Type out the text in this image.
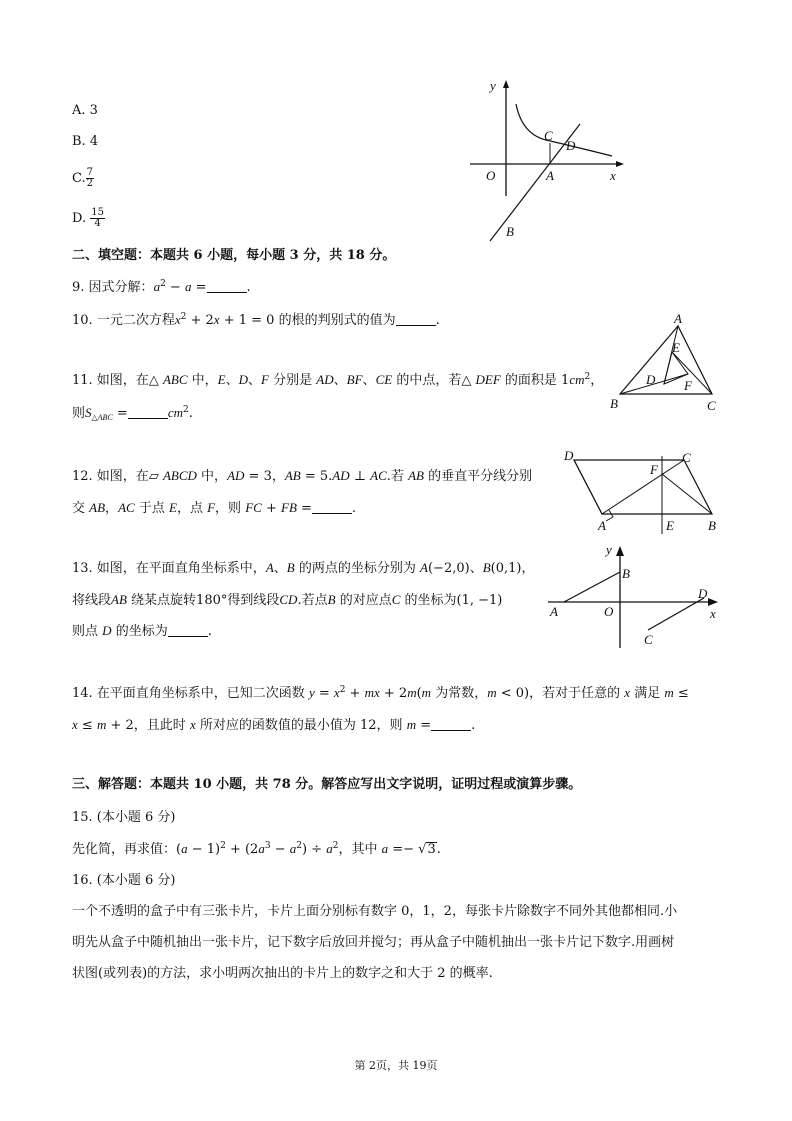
A. 3
B. 4
C. $\frac{7}{2}$
D. $\frac{15}{4}$
y
C
D
O	A	x
B
二、填空题：本题共 6 小题，每小题 3 分，共 18 分。
9. 因式分解：$a^2 - a$ =	.
10. 一元二次方程$x^2 + 2x + 1 = 0$ 的根的判别式的值为	.
11. 如图，在△ ABC 中，E、D、F 分别是 AD、BF、CE 的中点，若△ DEF 的面积是 $1cm^2$，
则$S_{\triangle ABC}$ =	$cm^2$.
A
E
D F
B	C
12. 如图，在▱ ABCD 中，AD = 3，AB = 5.AD ⊥ AC.若 AB 的垂直平分线分别
交 AB，AC 于点 E，点 F，则 FC + FB =	.
D
F
C
A	E	B
13. 如图，在平面直角坐标系中，A、B 的两点的坐标分别为 A(−2,0)、B(0,1)，
将线段AB 绕某点旋转180°得到线段CD.若点B 的对应点C 的坐标为(1, −1)
则点 D 的坐标为	.
y
B
D
A	O	x
C
14. 在平面直角坐标系中，已知二次函数 $y = x^2$ + mx + 2m(m 为常数，m < 0)，若对于任意的 x 满足 m ≤
x ≤ m + 2，且此时 x 所对应的函数值的最小值为 12，则 m =	.
三、解答题：本题共 10 小题，共 78 分。解答应写出文字说明，证明过程或演算步骤。
15. (本小题 6 分)
先化简，再求值：$(a - 1)^2 + (2a^3 - a^2) \div a^2$，其中 a =− √3.
16. (本小题 6 分)
一个不透明的盒子中有三张卡片，卡片上面分别标有数字 0，1，2，每张卡片除数字不同外其他都相同.小
明先从盒子中随机抽出一张卡片，记下数字后放回并搅匀；再从盒子中随机抽出一张卡片记下数字.用画树
状图(或列表)的方法，求小明两次抽出的卡片上的数字之和大于 2 的概率.
第 2页，共 19页
